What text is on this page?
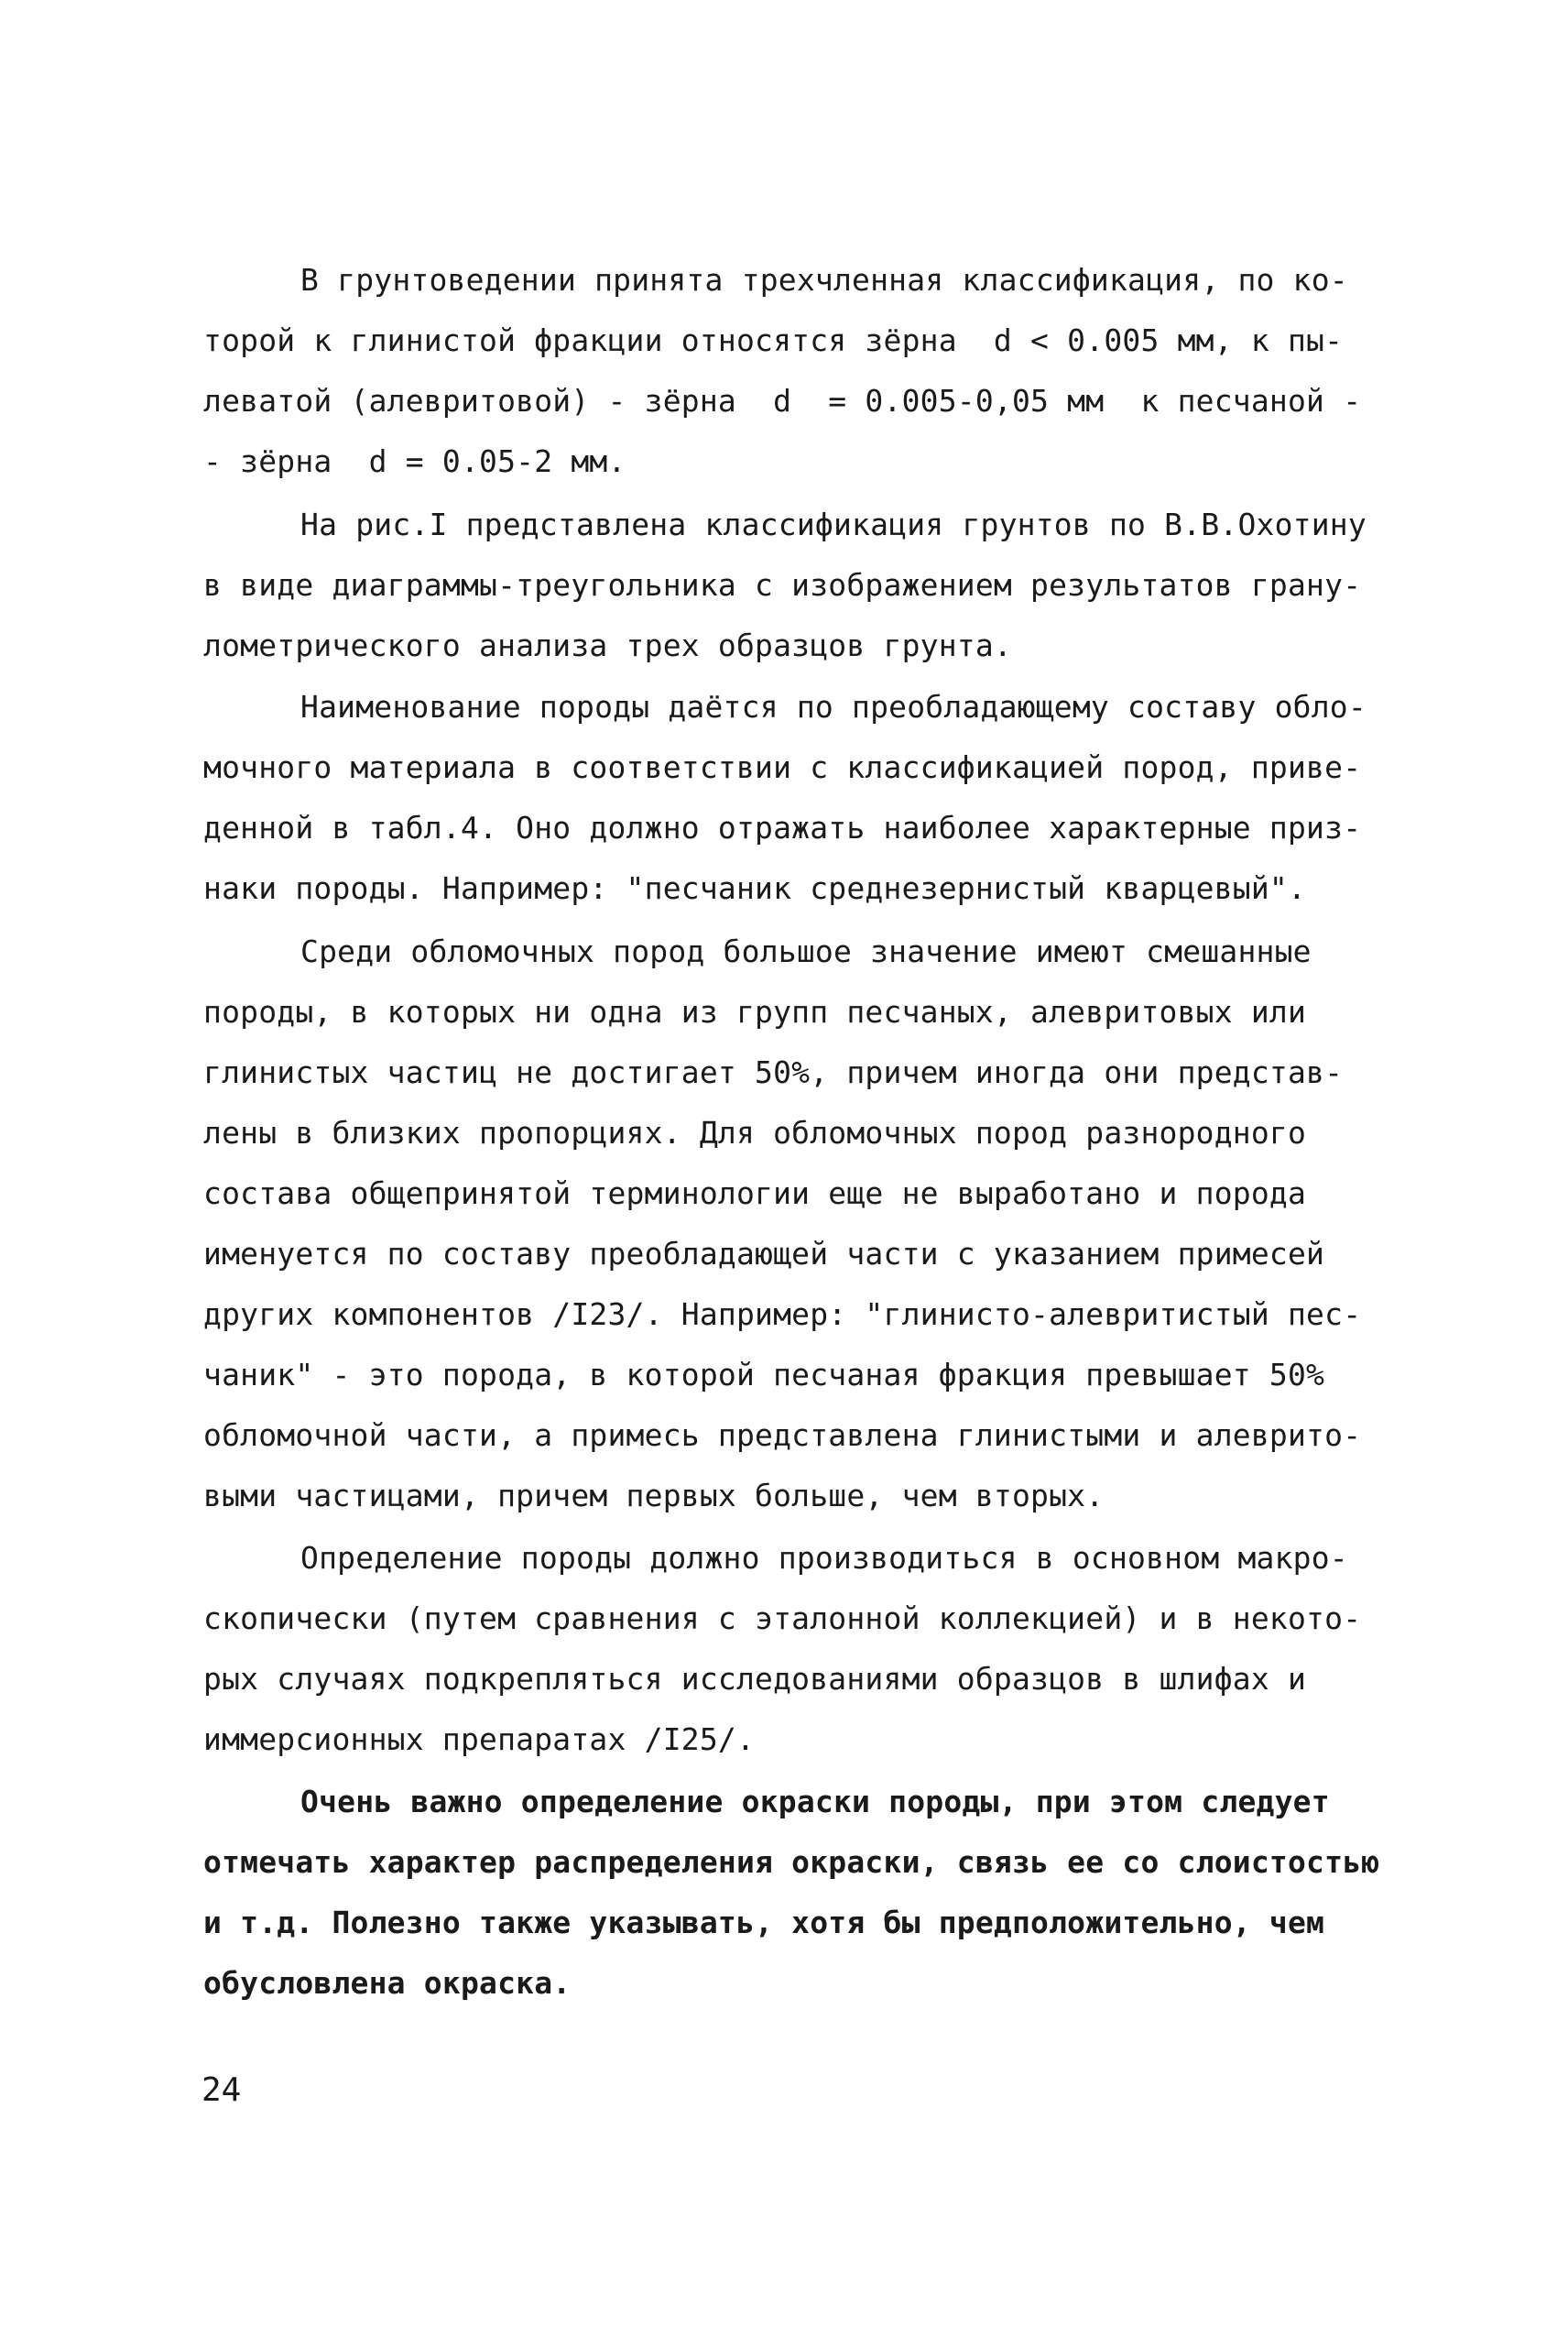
В грунтоведении принята трехчленная классификация, по ко-
торой к глинистой фракции относятся зёрна  d < 0.005 мм, к пы-
леватой (алевритовой) - зёрна  d  = 0.005-0,05 мм  к песчаной -
- зёрна  d = 0.05-2 мм.
На рис.I представлена классификация грунтов по В.В.Охотину
в виде диаграммы-треугольника с изображением результатов грану-
лометрического анализа трех образцов грунта.
Наименование породы даётся по преобладающему составу обло-
мочного материала в соответствии с классификацией пород, приве-
денной в табл.4. Оно должно отражать наиболее характерные приз-
наки породы. Например: "песчаник среднезернистый кварцевый".
Среди обломочных пород большое значение имеют смешанные
породы, в которых ни одна из групп песчаных, алевритовых или
глинистых частиц не достигает 50%, причем иногда они представ-
лены в близких пропорциях. Для обломочных пород разнородного
состава общепринятой терминологии еще не выработано и порода
именуется по составу преобладающей части с указанием примесей
других компонентов /I23/. Например: "глинисто-алевритистый пес-
чаник" - это порода, в которой песчаная фракция превышает 50%
обломочной части, а примесь представлена глинистыми и алеврито-
выми частицами, причем первых больше, чем вторых.
Определение породы должно производиться в основном макро-
скопически (путем сравнения с эталонной коллекцией) и в некото-
рых случаях подкрепляться исследованиями образцов в шлифах и
иммерсионных препаратах /I25/.
Очень важно определение окраски породы, при этом следует
отмечать характер распределения окраски, связь ее со слоистостью
и т.д. Полезно также указывать, хотя бы предположительно, чем
обусловлена окраска.
24
